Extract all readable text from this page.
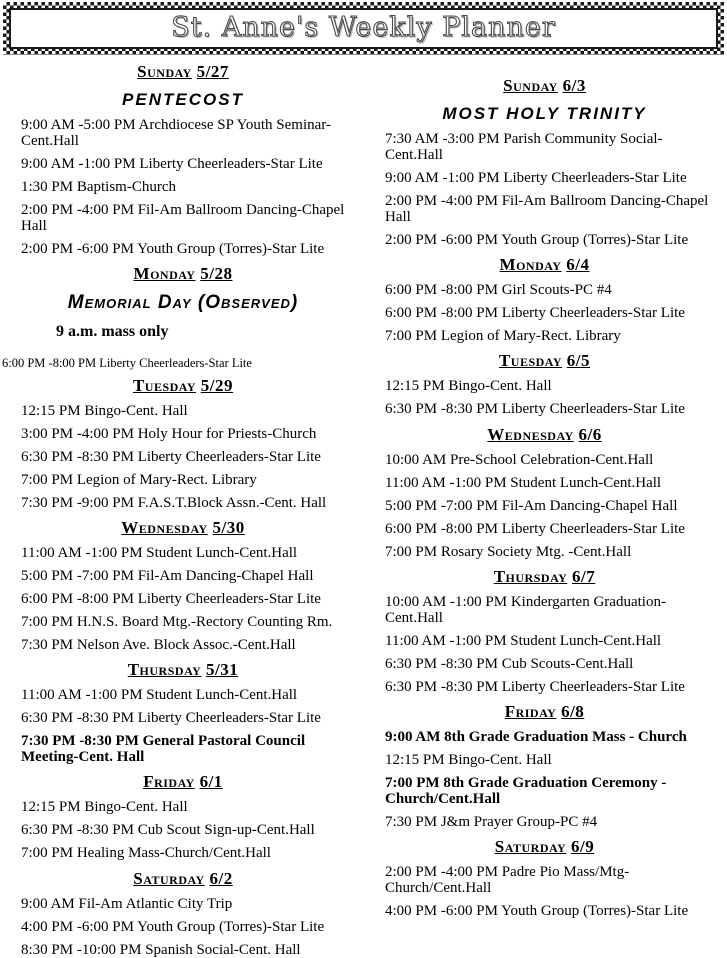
St. Anne's Weekly Planner
Sunday 5/27
PENTECOST
9:00 AM -5:00 PM Archdiocese SP Youth Seminar-Cent.Hall
9:00 AM -1:00 PM Liberty Cheerleaders-Star Lite
1:30 PM Baptism-Church
2:00 PM -4:00 PM Fil-Am Ballroom Dancing-Chapel Hall
2:00 PM -6:00 PM Youth Group (Torres)-Star Lite
Monday 5/28
Memorial Day (Observed)
9 a.m. mass only
6:00 PM -8:00 PM Liberty Cheerleaders-Star Lite
Tuesday 5/29
12:15 PM Bingo-Cent. Hall
3:00 PM -4:00 PM Holy Hour for Priests-Church
6:30 PM -8:30 PM Liberty Cheerleaders-Star Lite
7:00 PM Legion of Mary-Rect. Library
7:30 PM -9:00 PM F.A.S.T.Block Assn.-Cent. Hall
Wednesday 5/30
11:00 AM -1:00 PM Student Lunch-Cent.Hall
5:00 PM -7:00 PM Fil-Am Dancing-Chapel Hall
6:00 PM -8:00 PM Liberty Cheerleaders-Star Lite
7:00 PM H.N.S. Board Mtg.-Rectory Counting Rm.
7:30 PM Nelson Ave. Block Assoc.-Cent.Hall
Thursday 5/31
11:00 AM -1:00 PM Student Lunch-Cent.Hall
6:30 PM -8:30 PM Liberty Cheerleaders-Star Lite
7:30 PM -8:30 PM General Pastoral Council Meeting-Cent. Hall
Friday 6/1
12:15 PM Bingo-Cent. Hall
6:30 PM -8:30 PM Cub Scout Sign-up-Cent.Hall
7:00 PM Healing Mass-Church/Cent.Hall
Saturday 6/2
9:00 AM Fil-Am Atlantic City Trip
4:00 PM -6:00 PM Youth Group (Torres)-Star Lite
8:30 PM -10:00 PM Spanish Social-Cent. Hall
Sunday 6/3
MOST HOLY TRINITY
7:30 AM -3:00 PM Parish Community Social-Cent.Hall
9:00 AM -1:00 PM Liberty Cheerleaders-Star Lite
2:00 PM -4:00 PM Fil-Am Ballroom Dancing-Chapel Hall
2:00 PM -6:00 PM Youth Group (Torres)-Star Lite
Monday 6/4
6:00 PM -8:00 PM Girl Scouts-PC #4
6:00 PM -8:00 PM Liberty Cheerleaders-Star Lite
7:00 PM Legion of Mary-Rect. Library
Tuesday 6/5
12:15 PM Bingo-Cent. Hall
6:30 PM -8:30 PM Liberty Cheerleaders-Star Lite
Wednesday 6/6
10:00 AM Pre-School Celebration-Cent.Hall
11:00 AM -1:00 PM Student Lunch-Cent.Hall
5:00 PM -7:00 PM Fil-Am Dancing-Chapel Hall
6:00 PM -8:00 PM Liberty Cheerleaders-Star Lite
7:00 PM Rosary Society Mtg. -Cent.Hall
Thursday 6/7
10:00 AM -1:00 PM Kindergarten Graduation-Cent.Hall
11:00 AM -1:00 PM Student Lunch-Cent.Hall
6:30 PM -8:30 PM Cub Scouts-Cent.Hall
6:30 PM -8:30 PM Liberty Cheerleaders-Star Lite
Friday 6/8
9:00 AM 8th Grade Graduation Mass - Church
12:15 PM Bingo-Cent. Hall
7:00 PM 8th Grade Graduation Ceremony - Church/Cent.Hall
7:30 PM J&m Prayer Group-PC #4
Saturday 6/9
2:00 PM -4:00 PM Padre Pio Mass/Mtg-Church/Cent.Hall
4:00 PM -6:00 PM Youth Group (Torres)-Star Lite
